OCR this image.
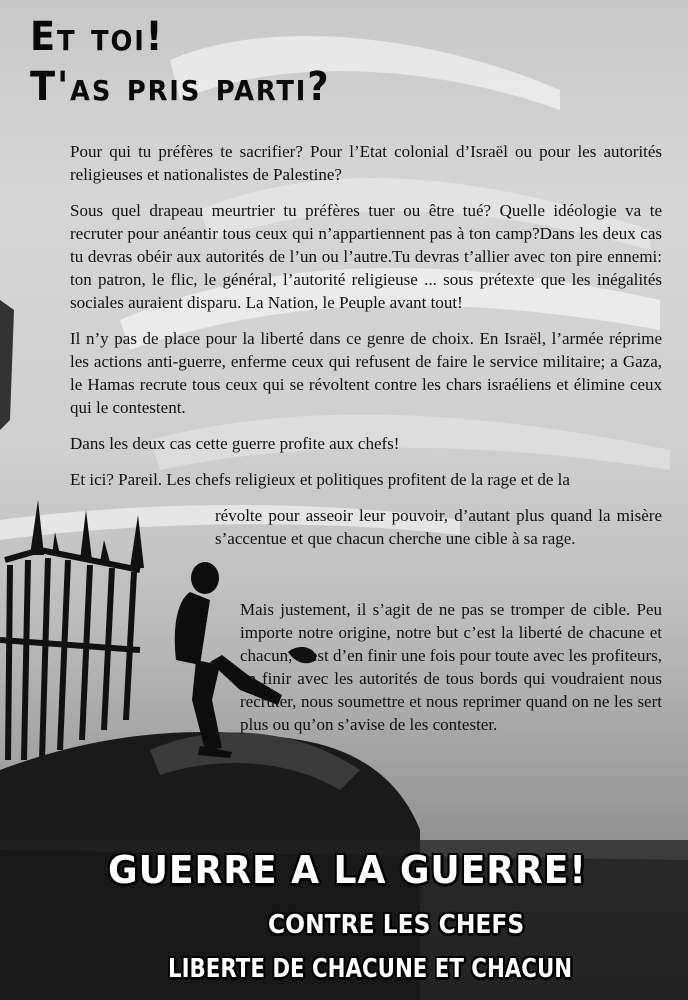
Et toi!
T'as pris parti?

Pour qui tu préfères te sacrifier? Pour l’Etat colonial d’Israël ou pour les autorités religieuses et nationalistes de Palestine?

Sous quel drapeau meurtrier tu préfères tuer ou être tué? Quelle idéologie va te recruter pour anéantir tous ceux qui n’appartiennent pas à ton camp?Dans les deux cas tu devras obéir aux autorités de l’un ou l’autre.Tu devras t’allier avec ton pire ennemi: ton patron, le flic, le général, l’autorité religieuse ... sous prétexte que les inégalités sociales auraient disparu. La Nation, le Peuple avant tout!

Il n’y pas de place pour la liberté dans ce genre de choix. En Israël, l’armée réprime les actions anti-guerre, enferme ceux qui refusent de faire le service militaire; a Gaza, le Hamas recrute tous ceux qui se révoltent contre les chars israéliens et élimine ceux qui le contestent.

Dans les deux cas cette guerre profite aux chefs!

Et ici? Pareil. Les chefs religieux et politiques profitent de la rage et de la

révolte pour asseoir leur pouvoir, d’autant plus quand la misère s’accentue et que chacun cherche une cible à sa rage.

Mais justement, il s’agit de ne pas se tromper de cible. Peu importe notre origine, notre but c’est la liberté de chacune et chacun, c’est d’en finir une fois pour toute avec les profiteurs, en finir avec les autorités de tous bords qui voudraient nous recruter, nous soumettre et nous reprimer quand on ne les sert plus ou qu’on s’avise de les contester.

GUERRE A LA GUERRE!
CONTRE LES CHEFS
LIBERTE DE CHACUNE ET CHACUN
